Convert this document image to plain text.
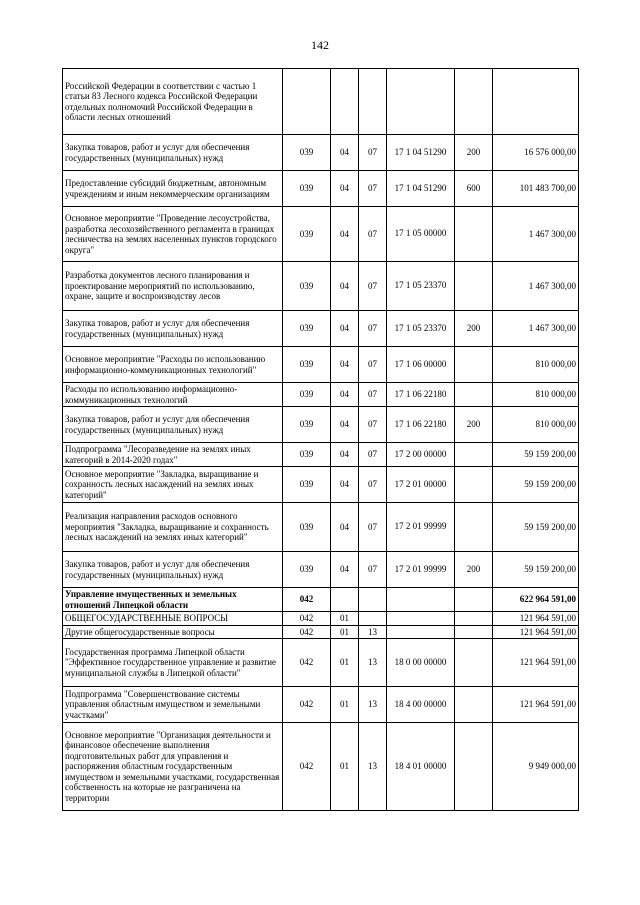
142
Российской Федерации в соответствии с частью 1 статьи 83 Лесного кодекса Российской Федерации отдельных полномочий Российской Федерации в области лесных отношений						
Закупка товаров, работ и услуг для обеспечения государственных (муниципальных) нужд	039	04	07	17 1 04 51290	200	16 576 000,00
Предоставление субсидий бюджетным, автономным учреждениям и иным некоммерческим организациям	039	04	07	17 1 04 51290	600	101 483 700,00
Основное мероприятие "Проведение лесоустройства, разработка лесохозяйственного регламента в границах лесничества на землях населенных пунктов городского округа"	039	04	07	17 1 05 00000		1 467 300,00
Разработка документов лесного планирования и проектирование мероприятий по использованию, охране, защите и воспроизводству лесов	039	04	07	17 1 05 23370		1 467 300,00
Закупка товаров, работ и услуг для обеспечения государственных (муниципальных) нужд	039	04	07	17 1 05 23370	200	1 467 300,00
Основное мероприятие "Расходы по использованию информационно-коммуникационных технологий"	039	04	07	17 1 06 00000		810 000,00
Расходы по использованию информационно-коммуникационных технологий	039	04	07	17 1 06 22180		810 000,00
Закупка товаров, работ и услуг для обеспечения государственных (муниципальных) нужд	039	04	07	17 1 06 22180	200	810 000,00
Подпрограмма "Лесоразведение на землях иных категорий в 2014-2020 годах"	039	04	07	17 2 00 00000		59 159 200,00
Основное мероприятие "Закладка, выращивание и сохранность лесных насаждений на землях иных категорий"	039	04	07	17 2 01 00000		59 159 200,00
Реализация направления расходов основного мероприятия "Закладка, выращивание и сохранность лесных насаждений на землях иных категорий"	039	04	07	17 2 01 99999		59 159 200,00
Закупка товаров, работ и услуг для обеспечения государственных (муниципальных) нужд	039	04	07	17 2 01 99999	200	59 159 200,00
Управление имущественных и земельных отношений Липецкой области	042					622 964 591,00
ОБЩЕГОСУДАРСТВЕННЫЕ ВОПРОСЫ	042	01				121 964 591,00
Другие общегосударственные вопросы	042	01	13			121 964 591,00
Государственная программа Липецкой области "Эффективное государственное управление и развитие муниципальной службы в Липецкой области"	042	01	13	18 0 00 00000		121 964 591,00
Подпрограмма "Совершенствование системы управления областным имуществом и земельными участками"	042	01	13	18 4 00 00000		121 964 591,00
Основное мероприятие "Организация деятельности и финансовое обеспечение выполнения подготовительных работ для управления и распоряжения областным государственным имуществом и земельными участками, государственная собственность на которые не разграничена на территории	042	01	13	18 4 01 00000		9 949 000,00
